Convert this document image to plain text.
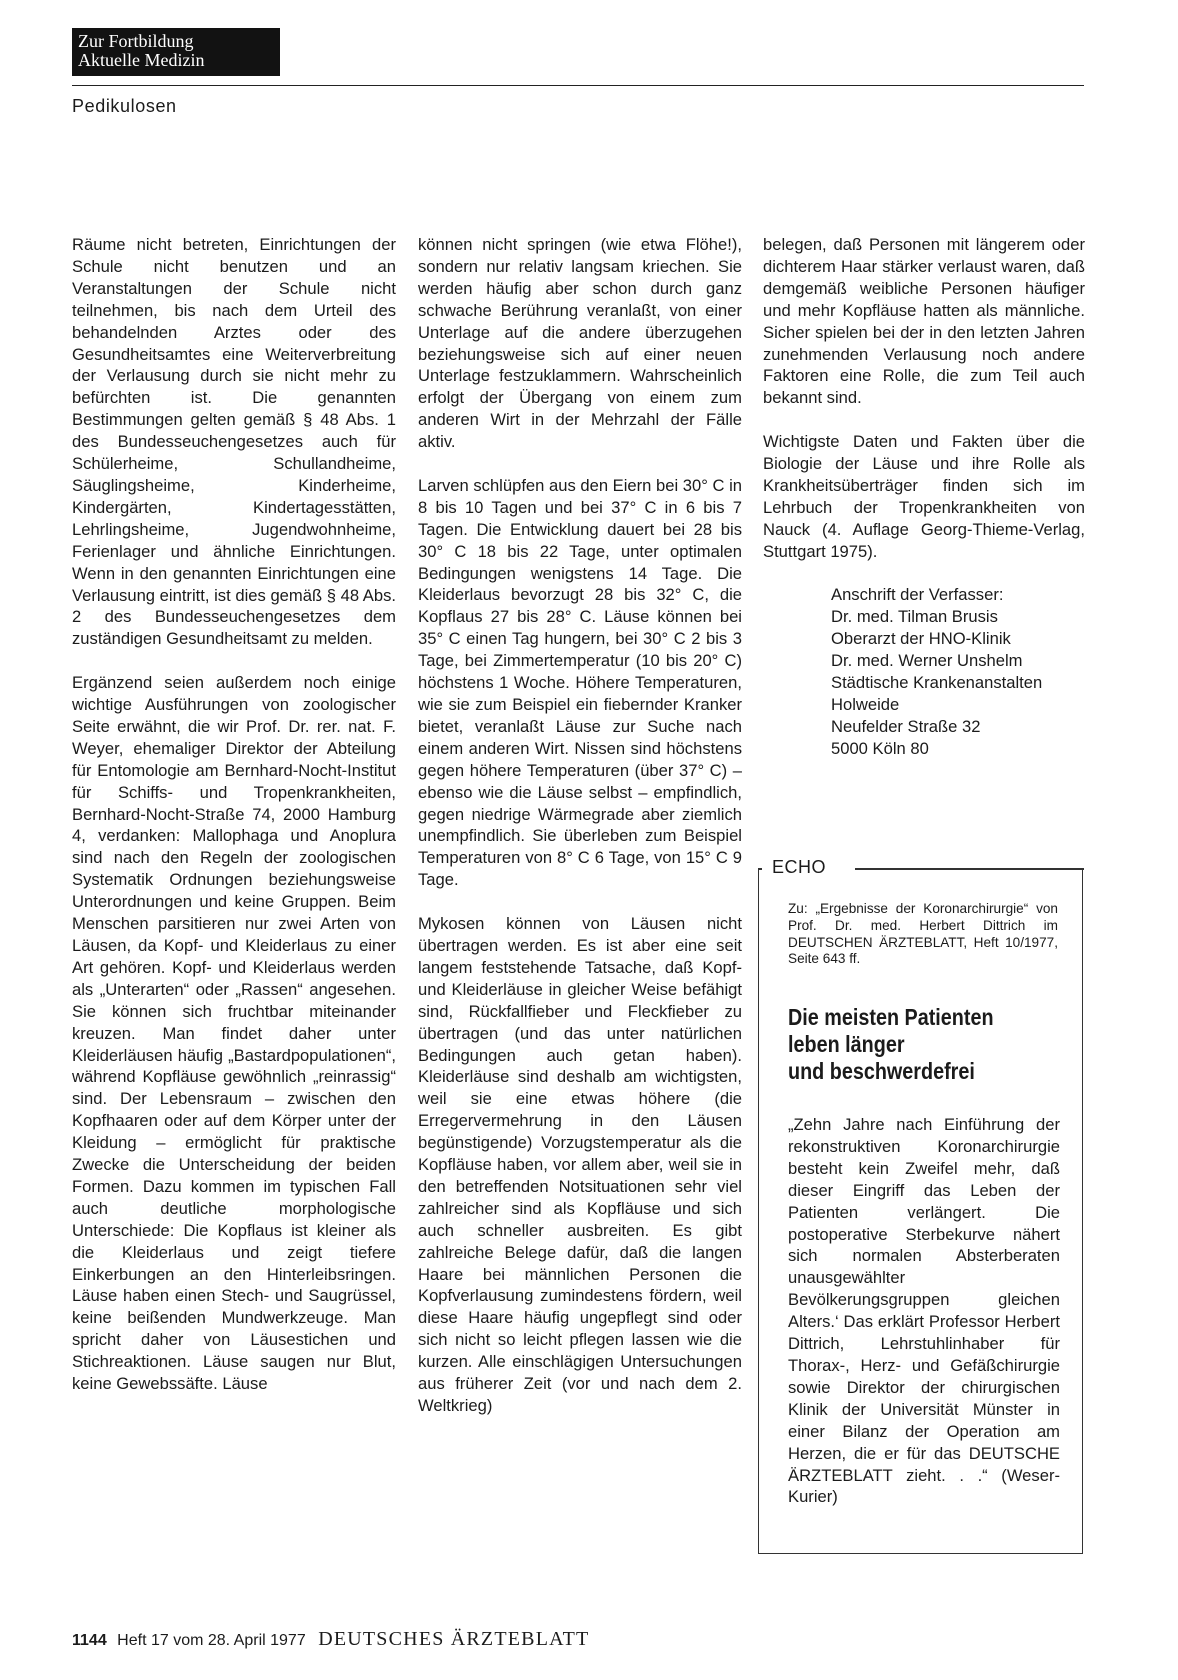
Zur Fortbildung
Aktuelle Medizin
Pedikulosen

Räume nicht betreten, Einrichtungen der Schule nicht benutzen und an Veranstaltungen der Schule nicht teilnehmen, bis nach dem Urteil des behandelnden Arztes oder des Gesundheitsamtes eine Weiterverbreitung der Verlausung durch sie nicht mehr zu befürchten ist. Die genannten Bestimmungen gelten gemäß § 48 Abs. 1 des Bundesseuchengesetzes auch für Schülerheime, Schullandheime, Säuglingsheime, Kinderheime, Kindergärten, Kindertagesstätten, Lehrlingsheime, Jugendwohnheime, Ferienlager und ähnliche Einrichtungen. Wenn in den genannten Einrichtungen eine Verlausung eintritt, ist dies gemäß § 48 Abs. 2 des Bundesseuchengesetzes dem zuständigen Gesundheitsamt zu melden.

Ergänzend seien außerdem noch einige wichtige Ausführungen von zoologischer Seite erwähnt, die wir Prof. Dr. rer. nat. F. Weyer, ehemaliger Direktor der Abteilung für Entomologie am Bernhard-Nocht-Institut für Schiffs- und Tropenkrankheiten, Bernhard-Nocht-Straße 74, 2000 Hamburg 4, verdanken: Mallophaga und Anoplura sind nach den Regeln der zoologischen Systematik Ordnungen beziehungsweise Unterordnungen und keine Gruppen. Beim Menschen parsitieren nur zwei Arten von Läusen, da Kopf- und Kleiderlaus zu einer Art gehören. Kopf- und Kleiderlaus werden als „Unterarten“ oder „Rassen“ angesehen. Sie können sich fruchtbar miteinander kreuzen. Man findet daher unter Kleiderläusen häufig „Bastardpopulationen“, während Kopfläuse gewöhnlich „reinrassig“ sind. Der Lebensraum – zwischen den Kopfhaaren oder auf dem Körper unter der Kleidung – ermöglicht für praktische Zwecke die Unterscheidung der beiden Formen. Dazu kommen im typischen Fall auch deutliche morphologische Unterschiede: Die Kopflaus ist kleiner als die Kleiderlaus und zeigt tiefere Einkerbungen an den Hinterleibsringen. Läuse haben einen Stech- und Saugrüssel, keine beißenden Mundwerkzeuge. Man spricht daher von Läusestichen und Stichreaktionen. Läuse saugen nur Blut, keine Gewebssäfte. Läuse

können nicht springen (wie etwa Flöhe!), sondern nur relativ langsam kriechen. Sie werden häufig aber schon durch ganz schwache Berührung veranlaßt, von einer Unterlage auf die andere überzugehen beziehungsweise sich auf einer neuen Unterlage festzuklammern. Wahrscheinlich erfolgt der Übergang von einem zum anderen Wirt in der Mehrzahl der Fälle aktiv.

Larven schlüpfen aus den Eiern bei 30° C in 8 bis 10 Tagen und bei 37° C in 6 bis 7 Tagen. Die Entwicklung dauert bei 28 bis 30° C 18 bis 22 Tage, unter optimalen Bedingungen wenigstens 14 Tage. Die Kleiderlaus bevorzugt 28 bis 32° C, die Kopflaus 27 bis 28° C. Läuse können bei 35° C einen Tag hungern, bei 30° C 2 bis 3 Tage, bei Zimmertemperatur (10 bis 20° C) höchstens 1 Woche. Höhere Temperaturen, wie sie zum Beispiel ein fiebernder Kranker bietet, veranlaßt Läuse zur Suche nach einem anderen Wirt. Nissen sind höchstens gegen höhere Temperaturen (über 37° C) – ebenso wie die Läuse selbst – empfindlich, gegen niedrige Wärmegrade aber ziemlich unempfindlich. Sie überleben zum Beispiel Temperaturen von 8° C 6 Tage, von 15° C 9 Tage.

Mykosen können von Läusen nicht übertragen werden. Es ist aber eine seit langem feststehende Tatsache, daß Kopf- und Kleiderläuse in gleicher Weise befähigt sind, Rückfallfieber und Fleckfieber zu übertragen (und das unter natürlichen Bedingungen auch getan haben). Kleiderläuse sind deshalb am wichtigsten, weil sie eine etwas höhere (die Erregervermehrung in den Läusen begünstigende) Vorzugstemperatur als die Kopfläuse haben, vor allem aber, weil sie in den betreffenden Notsituationen sehr viel zahlreicher sind als Kopfläuse und sich auch schneller ausbreiten. Es gibt zahlreiche Belege dafür, daß die langen Haare bei männlichen Personen die Kopfverlausung zumindestens fördern, weil diese Haare häufig ungepflegt sind oder sich nicht so leicht pflegen lassen wie die kurzen. Alle einschlägigen Untersuchungen aus früherer Zeit (vor und nach dem 2. Weltkrieg)

belegen, daß Personen mit längerem oder dichterem Haar stärker verlaust waren, daß demgemäß weibliche Personen häufiger und mehr Kopfläuse hatten als männliche. Sicher spielen bei der in den letzten Jahren zunehmenden Verlausung noch andere Faktoren eine Rolle, die zum Teil auch bekannt sind.

Wichtigste Daten und Fakten über die Biologie der Läuse und ihre Rolle als Krankheitsüberträger finden sich im Lehrbuch der Tropenkrankheiten von Nauck (4. Auflage Georg-Thieme-Verlag, Stuttgart 1975).

Anschrift der Verfasser:
Dr. med. Tilman Brusis
Oberarzt der HNO-Klinik
Dr. med. Werner Unshelm
Städtische Krankenanstalten
Holweide
Neufelder Straße 32
5000 Köln 80
ECHO
Zu: „Ergebnisse der Koronarchirurgie“ von Prof. Dr. med. Herbert Dittrich im DEUTSCHEN ÄRZTEBLATT, Heft 10/1977, Seite 643 ff.
Die meisten Patienten
leben länger
und beschwerdefrei
„Zehn Jahre nach Einführung der rekonstruktiven Koronarchirurgie besteht kein Zweifel mehr, daß dieser Eingriff das Leben der Patienten verlängert. Die postoperative Sterbekurve nähert sich normalen Absterberaten unausgewählter Bevölkerungsgruppen gleichen Alters.‘ Das erklärt Professor Herbert Dittrich, Lehrstuhlinhaber für Thorax-, Herz- und Gefäßchirurgie sowie Direktor der chirurgischen Klinik der Universität Münster in einer Bilanz der Operation am Herzen, die er für das DEUTSCHE ÄRZTEBLATT zieht. . .“ (Weser-Kurier)
1144 Heft 17 vom 28. April 1977 DEUTSCHES ÄRZTEBLATT
